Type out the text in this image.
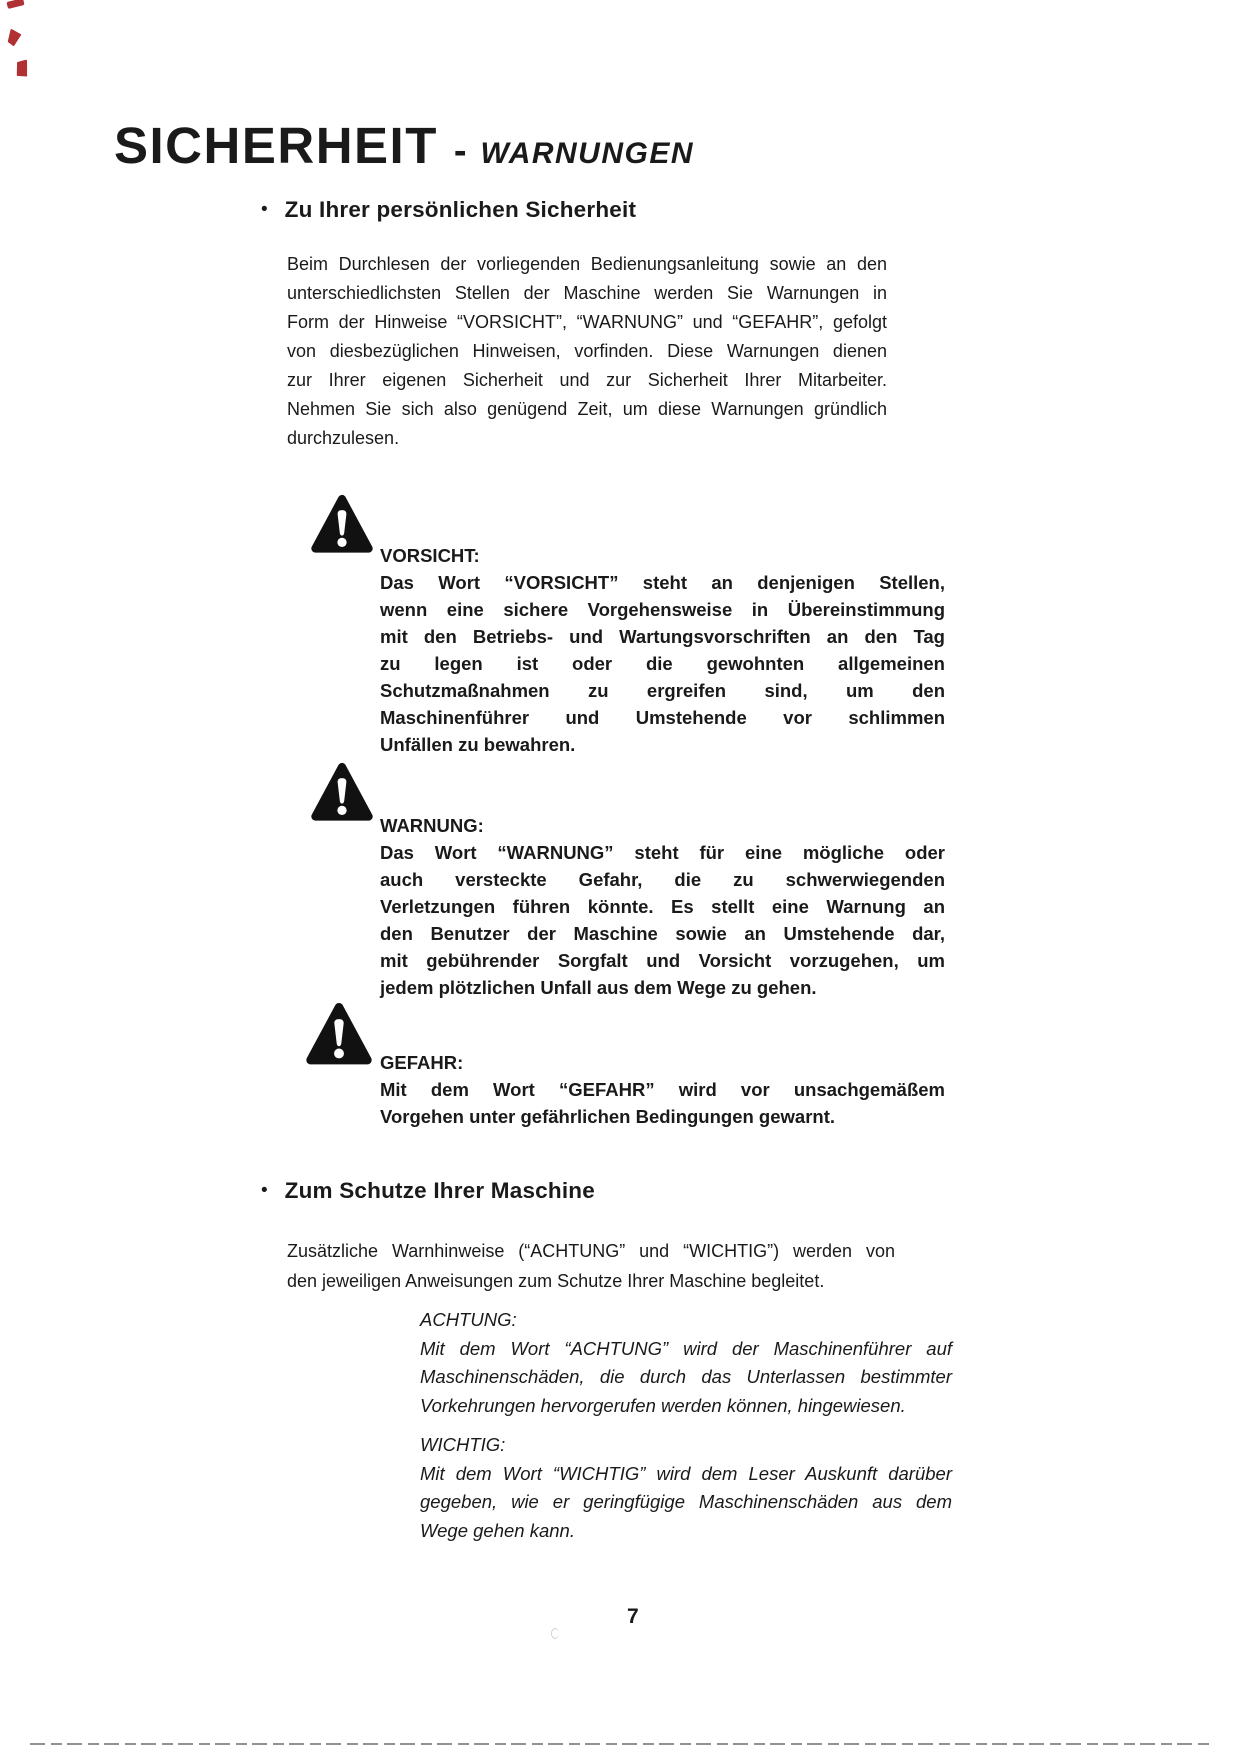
SICHERHEIT - WARNUNGEN
• Zu Ihrer persönlichen Sicherheit
Beim Durchlesen der vorliegenden Bedienungsanleitung sowie an den
unterschiedlichsten Stellen der Maschine werden Sie Warnungen in
Form der Hinweise “VORSICHT”, “WARNUNG” und “GEFAHR”, gefolgt
von diesbezüglichen Hinweisen, vorfinden. Diese Warnungen dienen
zur Ihrer eigenen Sicherheit und zur Sicherheit Ihrer Mitarbeiter.
Nehmen Sie sich also genügend Zeit, um diese Warnungen gründlich
durchzulesen.
VORSICHT:
Das Wort “VORSICHT” steht an denjenigen Stellen,
wenn eine sichere Vorgehensweise in Übereinstimmung
mit den Betriebs- und Wartungsvorschriften an den Tag
zu legen ist oder die gewohnten allgemeinen
Schutzmaßnahmen zu ergreifen sind, um den
Maschinenführer und Umstehende vor schlimmen
Unfällen zu bewahren.
WARNUNG:
Das Wort “WARNUNG” steht für eine mögliche oder
auch versteckte Gefahr, die zu schwerwiegenden
Verletzungen führen könnte. Es stellt eine Warnung an
den Benutzer der Maschine sowie an Umstehende dar,
mit gebührender Sorgfalt und Vorsicht vorzugehen, um
jedem plötzlichen Unfall aus dem Wege zu gehen.
GEFAHR:
Mit dem Wort “GEFAHR” wird vor unsachgemäßem
Vorgehen unter gefährlichen Bedingungen gewarnt.
• Zum Schutze Ihrer Maschine
Zusätzliche Warnhinweise (“ACHTUNG” und “WICHTIG”) werden von
den jeweiligen Anweisungen zum Schutze Ihrer Maschine begleitet.
ACHTUNG:
Mit dem Wort “ACHTUNG” wird der Maschinenführer auf
Maschinenschäden, die durch das Unterlassen bestimmter
Vorkehrungen hervorgerufen werden können, hingewiesen.
WICHTIG:
Mit dem Wort “WICHTIG” wird dem Leser Auskunft darüber
gegeben, wie er geringfügige Maschinenschäden aus dem
Wege gehen kann.
7
